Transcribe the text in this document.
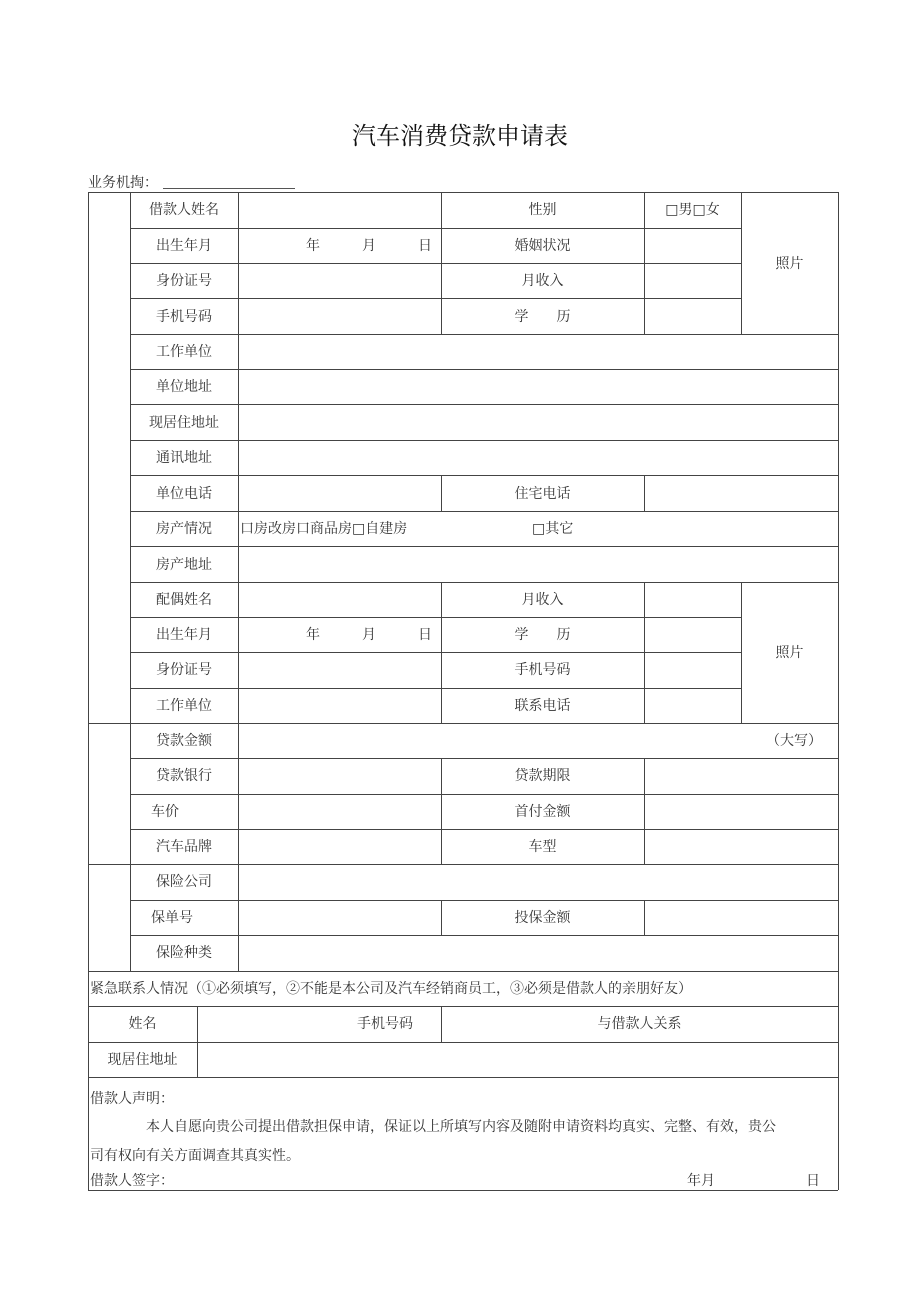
汽车消费贷款申请表
业务机掏：
借款人姓名	性别	□男□女
照片
出生年月	年	月	日	婚姻状况
身份证号	月收入
手机号码	学　　历
工作单位
单位地址
现居住地址
通讯地址
单位电话	住宅电话
房产情况	口房改房口商品房□自建房	□其它
房产地址
配偶姓名	月收入
照片
出生年月	年	月	日	学　　历
身份证号	手机号码
工作单位	联系电话
贷款金额	（大写）
贷款银行	贷款期限
车价	首付金额
汽车品牌	车型
保险公司
保单号	投保金额
保险种类
紧急联系人情况（①必须填写，②不能是本公司及汽车经销商员工，③必须是借款人的亲朋好友）
姓名	手机号码	与借款人关系
现居住地址
借款人声明：
本人自愿向贵公司提出借款担保申请，保证以上所填写内容及随附申请资料均真实、完整、有效，贵公
司有权向有关方面调查其真实性。
借款人签字：	年月	日
